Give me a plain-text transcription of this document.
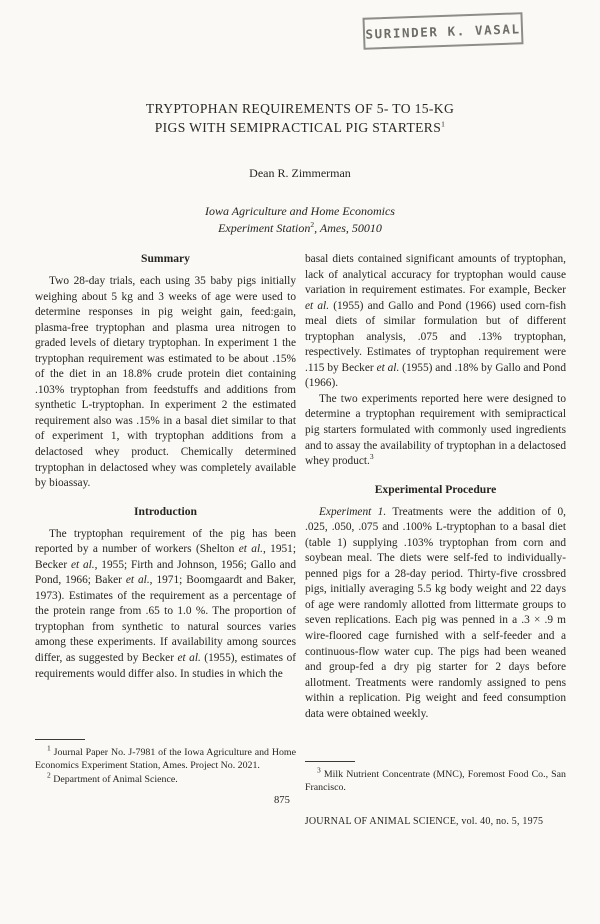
SURINDER K. VASAL
TRYPTOPHAN REQUIREMENTS OF 5- TO 15-KG
PIGS WITH SEMIPRACTICAL PIG STARTERS$^1$
Dean R. Zimmerman
Iowa Agriculture and Home Economics
Experiment Station$^2$, Ames, 50010
Summary

Two 28-day trials, each using 35 baby pigs initially weighing about 5 kg and 3 weeks of age were used to determine responses in pig weight gain, feed:gain, plasma-free tryptophan and plasma urea nitrogen to graded levels of dietary tryptophan. In experiment 1 the tryptophan requirement was estimated to be about .15% of the diet in an 18.8% crude protein diet containing .103% tryptophan from feedstuffs and additions from synthetic L-tryptophan. In experiment 2 the estimated requirement also was .15% in a basal diet similar to that of experiment 1, with tryptophan additions from a delactosed whey product. Chemically determined tryptophan in delactosed whey was completely available by bioassay.

Introduction

The tryptophan requirement of the pig has been reported by a number of workers (Shelton et al., 1951; Becker et al., 1955; Firth and Johnson, 1956; Gallo and Pond, 1966; Baker et al., 1971; Boomgaardt and Baker, 1973). Estimates of the requirement as a percentage of the protein range from .65 to 1.0 %. The proportion of tryptophan from synthetic to natural sources varies among these experiments. If availability among sources differ, as suggested by Becker et al. (1955), estimates of requirements would differ also. In studies in which the

$^1$ Journal Paper No. J-7981 of the Iowa Agriculture and Home Economics Experiment Station, Ames. Project No. 2021.

$^2$ Department of Animal Science.

basal diets contained significant amounts of tryptophan, lack of analytical accuracy for tryptophan would cause variation in requirement estimates. For example, Becker et al. (1955) and Gallo and Pond (1966) used corn-fish meal diets of similar formulation but of different tryptophan analysis, .075 and .13% tryptophan, respectively. Estimates of tryptophan requirement were .115 by Becker et al. (1955) and .18% by Gallo and Pond (1966).

The two experiments reported here were designed to determine a tryptophan requirement with semipractical pig starters formulated with commonly used ingredients and to assay the availability of tryptophan in a delactosed whey product.$^3$

Experimental Procedure

Experiment 1. Treatments were the addition of 0, .025, .050, .075 and .100% L-tryptophan to a basal diet (table 1) supplying .103% tryptophan from corn and soybean meal. The diets were self-fed to individually-penned pigs for a 28-day period. Thirty-five crossbred pigs, initially averaging 5.5 kg body weight and 22 days of age were randomly allotted from littermate groups to seven replications. Each pig was penned in a .3 × .9 m wire-floored cage furnished with a self-feeder and a continuous-flow water cup. The pigs had been weaned and group-fed a dry pig starter for 2 days before allotment. Treatments were randomly assigned to pens within a replication. Pig weight and feed consumption data were obtained weekly.

$^3$ Milk Nutrient Concentrate (MNC), Foremost Food Co., San Francisco.

875
JOURNAL OF ANIMAL SCIENCE, vol. 40, no. 5, 1975
